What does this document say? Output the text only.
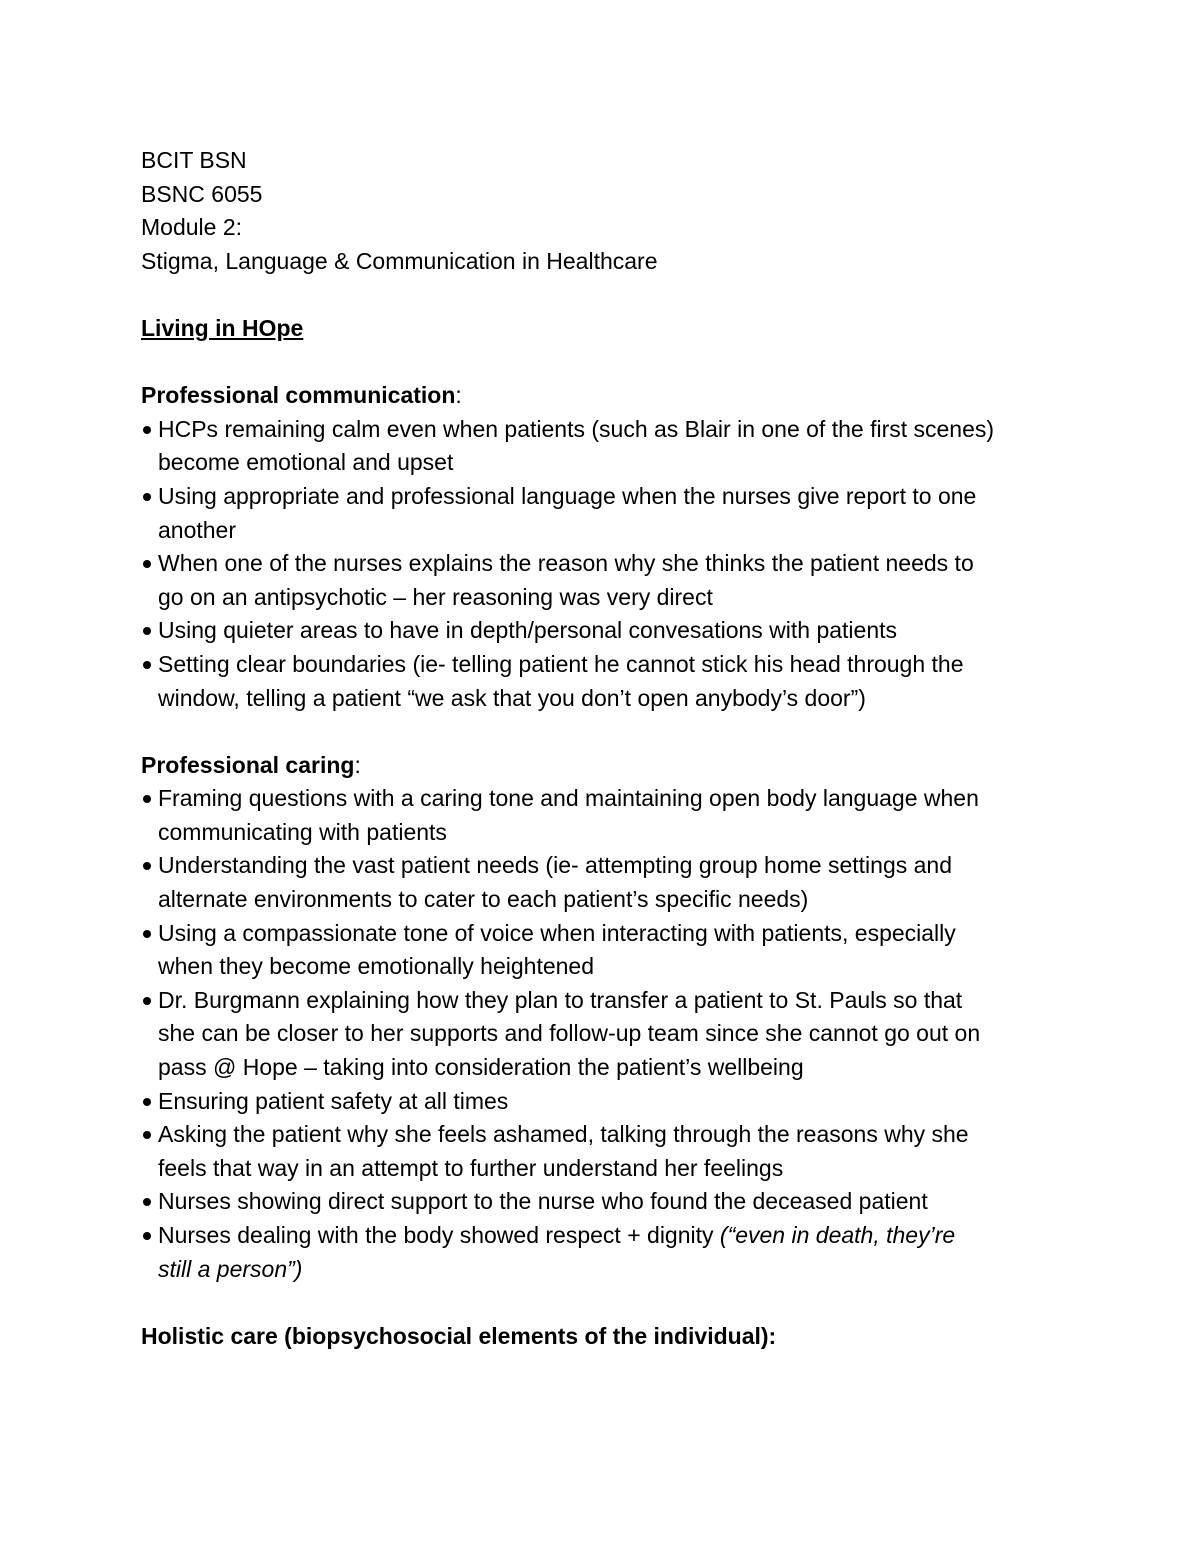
BCIT BSN
BSNC 6055
Module 2:
Stigma, Language & Communication in Healthcare
Living in HOpe
Professional communication:
HCPs remaining calm even when patients (such as Blair in one of the first scenes)
become emotional and upset
Using appropriate and professional language when the nurses give report to one
another
When one of the nurses explains the reason why she thinks the patient needs to
go on an antipsychotic – her reasoning was very direct
Using quieter areas to have in depth/personal convesations with patients
Setting clear boundaries (ie- telling patient he cannot stick his head through the
window, telling a patient “we ask that you don’t open anybody’s door”)
Professional caring:
Framing questions with a caring tone and maintaining open body language when
communicating with patients
Understanding the vast patient needs (ie- attempting group home settings and
alternate environments to cater to each patient’s specific needs)
Using a compassionate tone of voice when interacting with patients, especially
when they become emotionally heightened
Dr. Burgmann explaining how they plan to transfer a patient to St. Pauls so that
she can be closer to her supports and follow-up team since she cannot go out on
pass @ Hope – taking into consideration the patient’s wellbeing
Ensuring patient safety at all times
Asking the patient why she feels ashamed, talking through the reasons why she
feels that way in an attempt to further understand her feelings
Nurses showing direct support to the nurse who found the deceased patient
Nurses dealing with the body showed respect + dignity (“even in death, they’re
still a person”)
Holistic care (biopsychosocial elements of the individual):
